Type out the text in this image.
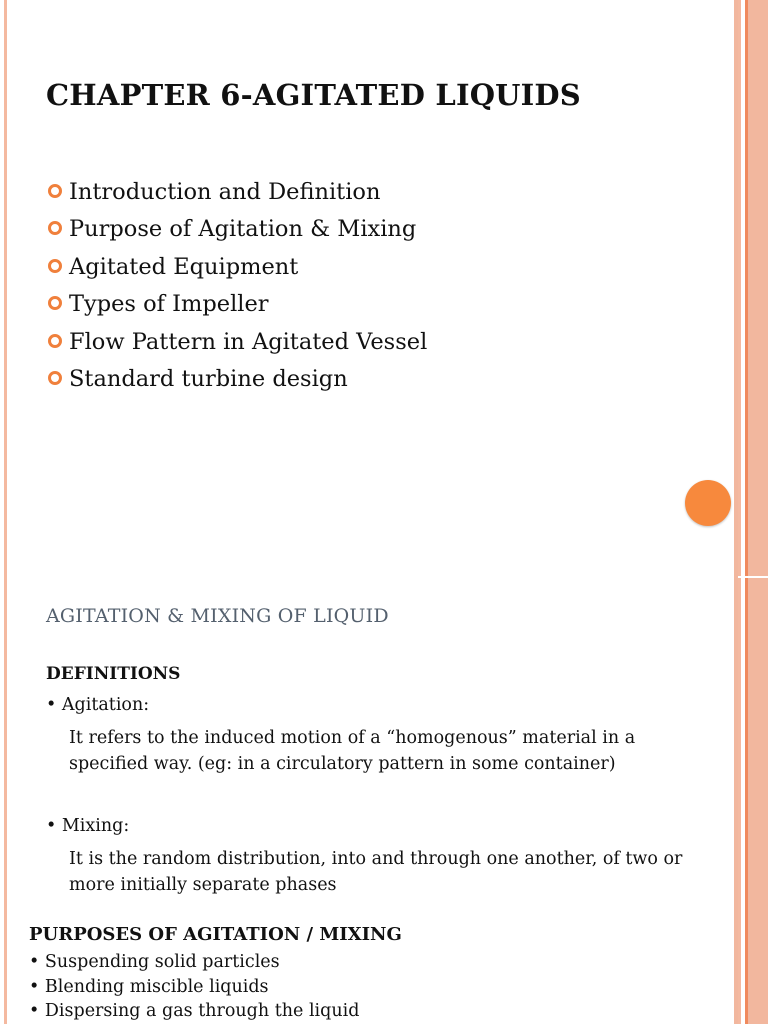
CHAPTER 6-AGITATED LIQUIDS
Introduction and Definition
Purpose of Agitation & Mixing
Agitated Equipment
Types of Impeller
Flow Pattern in Agitated Vessel
Standard turbine design
AGITATION & MIXING OF LIQUID
DEFINITIONS

• Agitation:

It refers to the induced motion of a “homogenous” material in a specified way. (eg: in a circulatory pattern in some container)

• Mixing:

It is the random distribution, into and through one another, of two or more initially separate phases

PURPOSES OF AGITATION / MIXING
• Suspending solid particles
• Blending miscible liquids
• Dispersing a gas through the liquid
